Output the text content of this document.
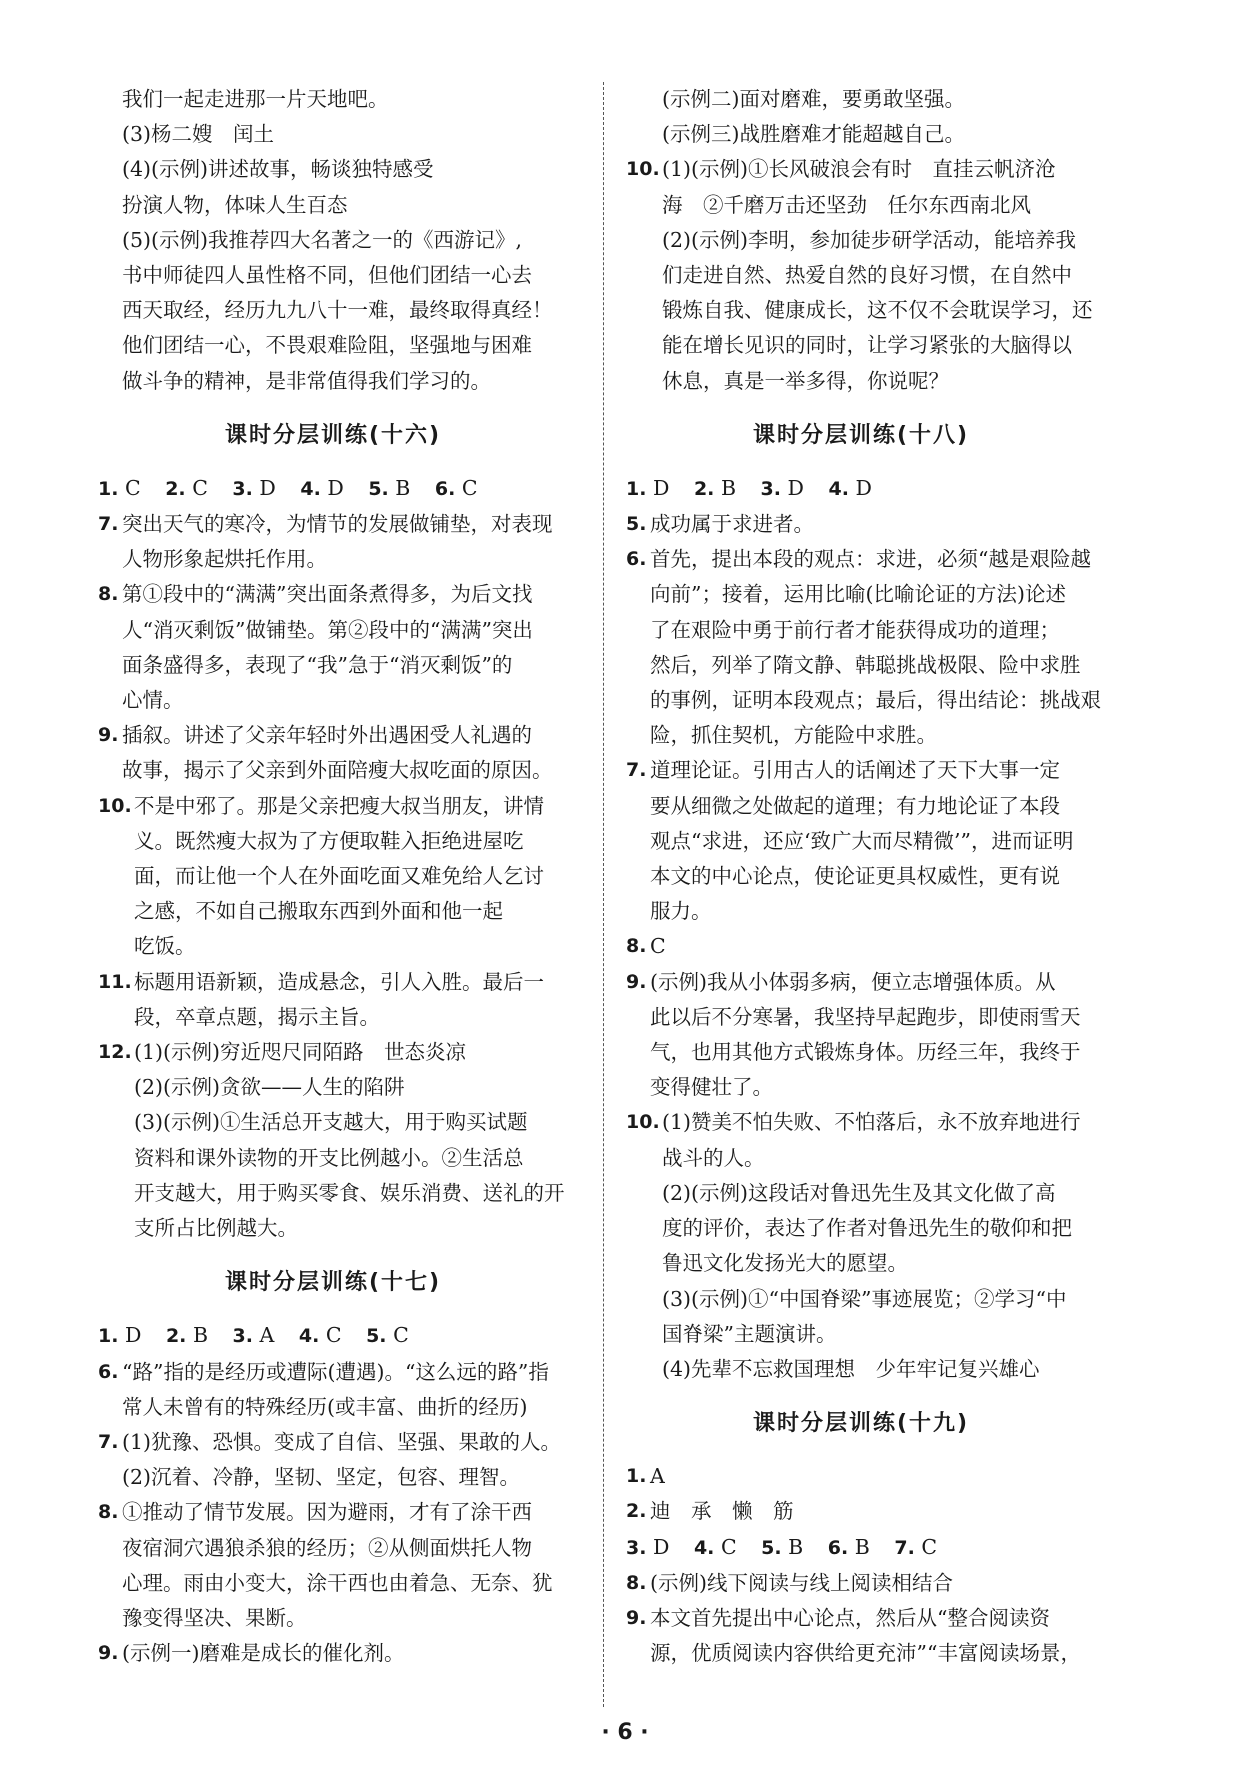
我们一起走进那一片天地吧。
(3)杨二嫂　闰土
(4)(示例)讲述故事，畅谈独特感受
扮演人物，体味人生百态
(5)(示例)我推荐四大名著之一的《西游记》,
书中师徒四人虽性格不同，但他们团结一心去
西天取经，经历九九八十一难，最终取得真经！
他们团结一心，不畏艰难险阻，坚强地与困难
做斗争的精神，是非常值得我们学习的。
课时分层训练(十六)
1. C 2. C 3. D 4. D 5. B 6. C
7. 突出天气的寒冷，为情节的发展做铺垫，对表现
人物形象起烘托作用。
8. 第①段中的“满满”突出面条煮得多，为后文找
人“消灭剩饭”做铺垫。第②段中的“满满”突出
面条盛得多，表现了“我”急于“消灭剩饭”的
心情。
9. 插叙。讲述了父亲年轻时外出遇困受人礼遇的
故事，揭示了父亲到外面陪瘦大叔吃面的原因。
10. 不是中邪了。那是父亲把瘦大叔当朋友，讲情
义。既然瘦大叔为了方便取鞋入拒绝进屋吃
面，而让他一个人在外面吃面又难免给人乞讨
之感，不如自己搬取东西到外面和他一起
吃饭。
11. 标题用语新颖，造成悬念，引人入胜。最后一
段，卒章点题，揭示主旨。
12. (1)(示例)穷近咫尺同陌路　世态炎凉
(2)(示例)贪欲——人生的陷阱
(3)(示例)①生活总开支越大，用于购买试题
资料和课外读物的开支比例越小。②生活总
开支越大，用于购买零食、娱乐消费、送礼的开
支所占比例越大。
课时分层训练(十七)
1. D 2. B 3. A 4. C 5. C
6. “路”指的是经历或遭际(遭遇)。“这么远的路”指
常人未曾有的特殊经历(或丰富、曲折的经历)
7. (1)犹豫、恐惧。变成了自信、坚强、果敢的人。
(2)沉着、冷静，坚韧、坚定，包容、理智。
8. ①推动了情节发展。因为避雨，才有了涂干西
夜宿洞穴遇狼杀狼的经历；②从侧面烘托人物
心理。雨由小变大，涂干西也由着急、无奈、犹
豫变得坚决、果断。
9. (示例一)磨难是成长的催化剂。
(示例二)面对磨难，要勇敢坚强。
(示例三)战胜磨难才能超越自己。
10. (1)(示例)①长风破浪会有时　直挂云帆济沧
海　②千磨万击还坚劲　任尔东西南北风
(2)(示例)李明，参加徒步研学活动，能培养我
们走进自然、热爱自然的良好习惯，在自然中
锻炼自我、健康成长，这不仅不会耽误学习，还
能在增长见识的同时，让学习紧张的大脑得以
休息，真是一举多得，你说呢？
课时分层训练(十八)
1. D 2. B 3. D 4. D
5. 成功属于求进者。
6. 首先，提出本段的观点：求进，必须“越是艰险越
向前”；接着，运用比喻(比喻论证的方法)论述
了在艰险中勇于前行者才能获得成功的道理；
然后，列举了隋文静、韩聪挑战极限、险中求胜
的事例，证明本段观点；最后，得出结论：挑战艰
险，抓住契机，方能险中求胜。
7. 道理论证。引用古人的话阐述了天下大事一定
要从细微之处做起的道理；有力地论证了本段
观点“求进，还应‘致广大而尽精微’”，进而证明
本文的中心论点，使论证更具权威性，更有说
服力。
8. C
9. (示例)我从小体弱多病，便立志增强体质。从
此以后不分寒暑，我坚持早起跑步，即使雨雪天
气，也用其他方式锻炼身体。历经三年，我终于
变得健壮了。
10. (1)赞美不怕失败、不怕落后，永不放弃地进行
战斗的人。
(2)(示例)这段话对鲁迅先生及其文化做了高
度的评价，表达了作者对鲁迅先生的敬仰和把
鲁迅文化发扬光大的愿望。
(3)(示例)①“中国脊梁”事迹展览；②学习“中
国脊梁”主题演讲。
(4)先辈不忘救国理想　少年牢记复兴雄心
课时分层训练(十九)
1. A
2. 迪　承　懒　筋
3. D 4. C 5. B 6. B 7. C
8. (示例)线下阅读与线上阅读相结合
9. 本文首先提出中心论点，然后从“整合阅读资
源，优质阅读内容供给更充沛”“丰富阅读场景，
· 6 ·
